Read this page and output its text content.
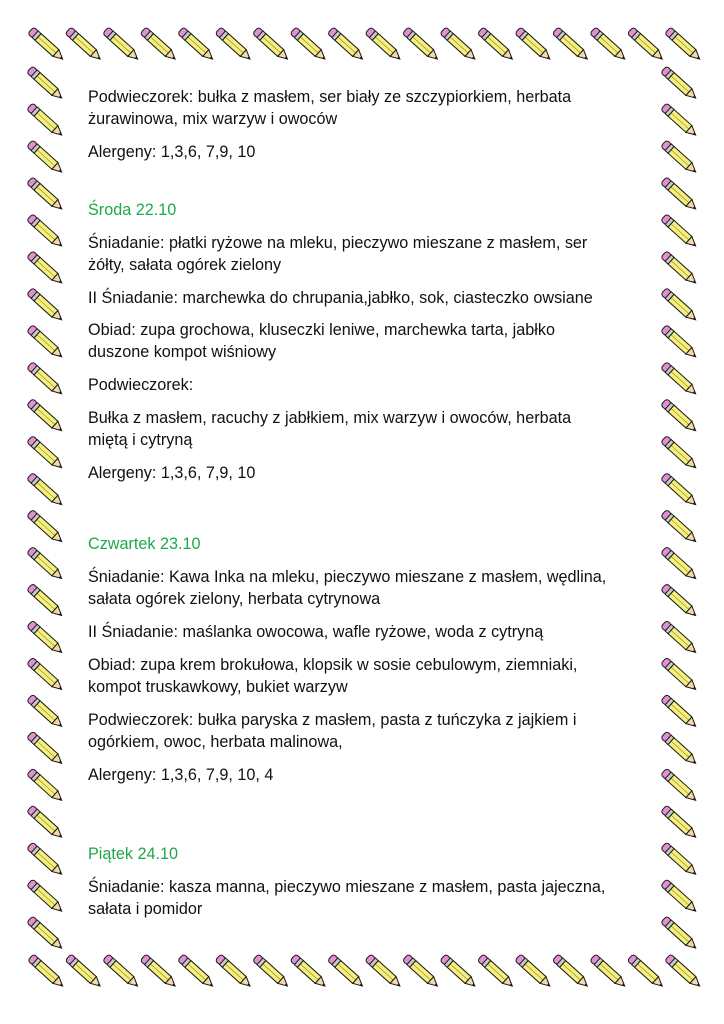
Podwieczorek: bułka z masłem, ser biały ze szczypiorkiem, herbata
żurawinowa, mix warzyw i owoców
Alergeny: 1,3,6, 7,9, 10
Środa 22.10
Śniadanie: płatki ryżowe na mleku, pieczywo mieszane z masłem, ser
żółty, sałata ogórek zielony
II Śniadanie: marchewka do chrupania,jabłko, sok, ciasteczko owsiane
Obiad: zupa grochowa, kluseczki leniwe, marchewka tarta, jabłko
duszone kompot wiśniowy
Podwieczorek:
Bułka z masłem, racuchy z jabłkiem, mix warzyw i owoców, herbata
miętą i cytryną
Alergeny: 1,3,6, 7,9, 10
Czwartek 23.10
Śniadanie: Kawa Inka na mleku, pieczywo mieszane z masłem, wędlina,
sałata ogórek zielony, herbata cytrynowa
II Śniadanie: maślanka owocowa, wafle ryżowe, woda z cytryną
Obiad: zupa krem brokułowa, klopsik w sosie cebulowym, ziemniaki,
kompot truskawkowy, bukiet warzyw
Podwieczorek: bułka paryska z masłem, pasta z tuńczyka z jajkiem i
ogórkiem, owoc, herbata malinowa,
Alergeny: 1,3,6, 7,9, 10, 4
Piątek 24.10
Śniadanie: kasza manna, pieczywo mieszane z masłem, pasta jajeczna,
sałata i pomidor
